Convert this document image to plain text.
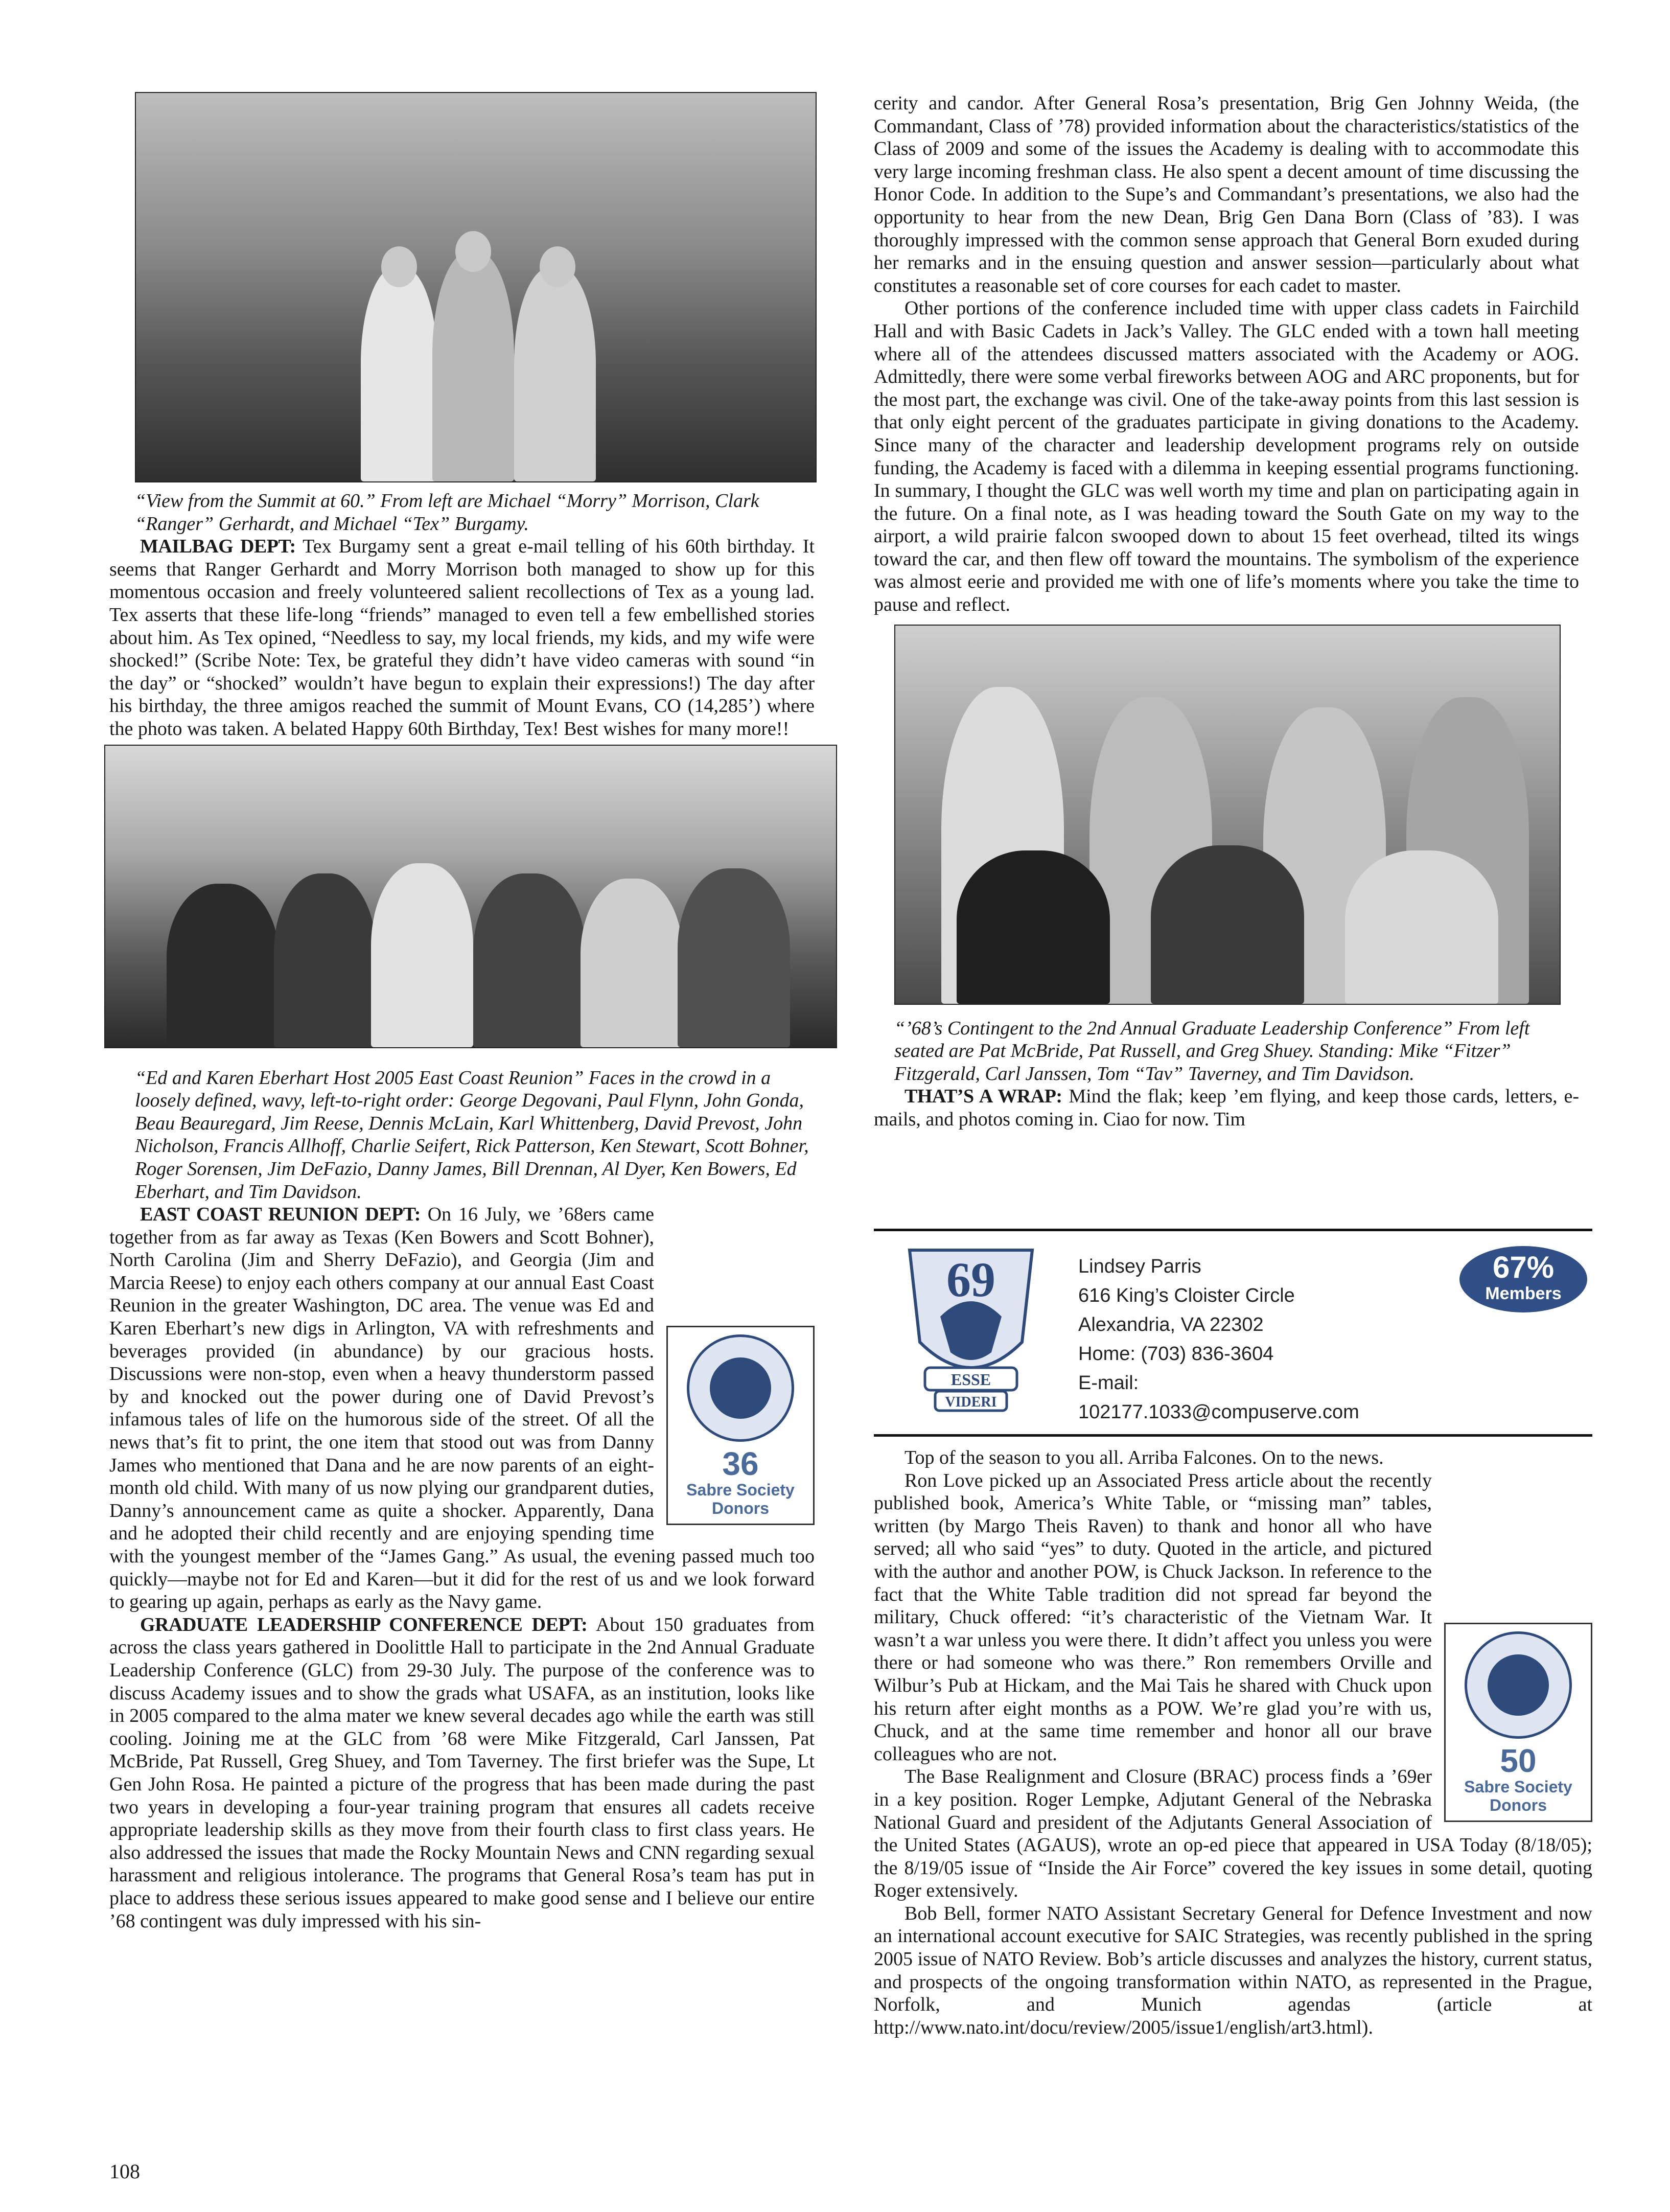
“View from the Summit at 60.” From left are Michael “Morry” Morrison, Clark “Ranger” Gerhardt, and Michael “Tex” Burgamy.

MAILBAG DEPT: Tex Burgamy sent a great e-mail telling of his 60th birthday. It seems that Ranger Gerhardt and Morry Morrison both managed to show up for this momentous occasion and freely volunteered salient recollections of Tex as a young lad. Tex asserts that these life-long “friends” managed to even tell a few embellished stories about him. As Tex opined, “Needless to say, my local friends, my kids, and my wife were shocked!” (Scribe Note: Tex, be grateful they didn’t have video cameras with sound “in the day” or “shocked” wouldn’t have begun to explain their expressions!) The day after his birthday, the three amigos reached the summit of Mount Evans, CO (14,285’) where the photo was taken. A belated Happy 60th Birthday, Tex! Best wishes for many more!!

“Ed and Karen Eberhart Host 2005 East Coast Reunion” Faces in the crowd in a loosely defined, wavy, left-to-right order: George Degovani, Paul Flynn, John Gonda, Beau Beauregard, Jim Reese, Dennis McLain, Karl Whittenberg, David Prevost, John Nicholson, Francis Allhoff, Charlie Seifert, Rick Patterson, Ken Stewart, Scott Bohner, Roger Sorensen, Jim DeFazio, Danny James, Bill Drennan, Al Dyer, Ken Bowers, Ed Eberhart, and Tim Davidson.

36
Sabre Society Donors

EAST COAST REUNION DEPT: On 16 July, we ’68ers came together from as far away as Texas (Ken Bowers and Scott Bohner), North Carolina (Jim and Sherry DeFazio), and Georgia (Jim and Marcia Reese) to enjoy each others company at our annual East Coast Reunion in the greater Washington, DC area. The venue was Ed and Karen Eberhart’s new digs in Arlington, VA with refreshments and beverages provided (in abundance) by our gracious hosts. Discussions were non-stop, even when a heavy thunderstorm passed by and knocked out the power during one of David Prevost’s infamous tales of life on the humorous side of the street. Of all the news that’s fit to print, the one item that stood out was from Danny James who mentioned that Dana and he are now parents of an eight-month old child. With many of us now plying our grandparent duties, Danny’s announcement came as quite a shocker. Apparently, Dana and he adopted their child recently and are enjoying spending time with the youngest member of the “James Gang.” As usual, the evening passed much too quickly—maybe not for Ed and Karen—but it did for the rest of us and we look forward to gearing up again, perhaps as early as the Navy game.

GRADUATE LEADERSHIP CONFERENCE DEPT: About 150 graduates from across the class years gathered in Doolittle Hall to participate in the 2nd Annual Graduate Leadership Conference (GLC) from 29-30 July. The purpose of the conference was to discuss Academy issues and to show the grads what USAFA, as an institution, looks like in 2005 compared to the alma mater we knew several decades ago while the earth was still cooling. Joining me at the GLC from ’68 were Mike Fitzgerald, Carl Janssen, Pat McBride, Pat Russell, Greg Shuey, and Tom Taverney. The first briefer was the Supe, Lt Gen John Rosa. He painted a picture of the progress that has been made during the past two years in developing a four-year training program that ensures all cadets receive appropriate leadership skills as they move from their fourth class to first class years. He also addressed the issues that made the Rocky Mountain News and CNN regarding sexual harassment and religious intolerance. The programs that General Rosa’s team has put in place to address these serious issues appeared to make good sense and I believe our entire ’68 contingent was duly impressed with his sin-

cerity and candor. After General Rosa’s presentation, Brig Gen Johnny Weida, (the Commandant, Class of ’78) provided information about the characteristics/statistics of the Class of 2009 and some of the issues the Academy is dealing with to accommodate this very large incoming freshman class. He also spent a decent amount of time discussing the Honor Code. In addition to the Supe’s and Commandant’s presentations, we also had the opportunity to hear from the new Dean, Brig Gen Dana Born (Class of ’83). I was thoroughly impressed with the common sense approach that General Born exuded during her remarks and in the ensuing question and answer session—particularly about what constitutes a reasonable set of core courses for each cadet to master.

Other portions of the conference included time with upper class cadets in Fairchild Hall and with Basic Cadets in Jack’s Valley. The GLC ended with a town hall meeting where all of the attendees discussed matters associated with the Academy or AOG. Admittedly, there were some verbal fireworks between AOG and ARC proponents, but for the most part, the exchange was civil. One of the take-away points from this last session is that only eight percent of the graduates participate in giving donations to the Academy. Since many of the character and leadership development programs rely on outside funding, the Academy is faced with a dilemma in keeping essential programs functioning. In summary, I thought the GLC was well worth my time and plan on participating again in the future. On a final note, as I was heading toward the South Gate on my way to the airport, a wild prairie falcon swooped down to about 15 feet overhead, tilted its wings toward the car, and then flew off toward the mountains. The symbolism of the experience was almost eerie and provided me with one of life’s moments where you take the time to pause and reflect.

“’68’s Contingent to the 2nd Annual Graduate Leadership Conference” From left seated are Pat McBride, Pat Russell, and Greg Shuey. Standing: Mike “Fitzer” Fitzgerald, Carl Janssen, Tom “Tav” Taverney, and Tim Davidson.

THAT’S A WRAP: Mind the flak; keep ’em flying, and keep those cards, letters, e-mails, and photos coming in. Ciao for now. Tim

69
ESSE
VIDERI
Lindsey Parris
616 King’s Cloister Circle
Alexandria, VA 22302
Home: (703) 836-3604
E-mail:
102177.1033@compuserve.com
67%
Members

Top of the season to you all. Arriba Falcones. On to the news.

50
Sabre Society Donors

Ron Love picked up an Associated Press article about the recently published book, America’s White Table, or “missing man” tables, written (by Margo Theis Raven) to thank and honor all who have served; all who said “yes” to duty. Quoted in the article, and pictured with the author and another POW, is Chuck Jackson. In reference to the fact that the White Table tradition did not spread far beyond the military, Chuck offered: “it’s characteristic of the Vietnam War. It wasn’t a war unless you were there. It didn’t affect you unless you were there or had someone who was there.” Ron remembers Orville and Wilbur’s Pub at Hickam, and the Mai Tais he shared with Chuck upon his return after eight months as a POW. We’re glad you’re with us, Chuck, and at the same time remember and honor all our brave colleagues who are not.

The Base Realignment and Closure (BRAC) process finds a ’69er in a key position. Roger Lempke, Adjutant General of the Nebraska National Guard and president of the Adjutants General Association of the United States (AGAUS), wrote an op-ed piece that appeared in USA Today (8/18/05); the 8/19/05 issue of “Inside the Air Force” covered the key issues in some detail, quoting Roger extensively.

Bob Bell, former NATO Assistant Secretary General for Defence Investment and now an international account executive for SAIC Strategies, was recently published in the spring 2005 issue of NATO Review. Bob’s article discusses and analyzes the history, current status, and prospects of the ongoing transformation within NATO, as represented in the Prague, Norfolk, and Munich agendas (article at http://www.nato.int/docu/review/2005/issue1/english/art3.html).

108
